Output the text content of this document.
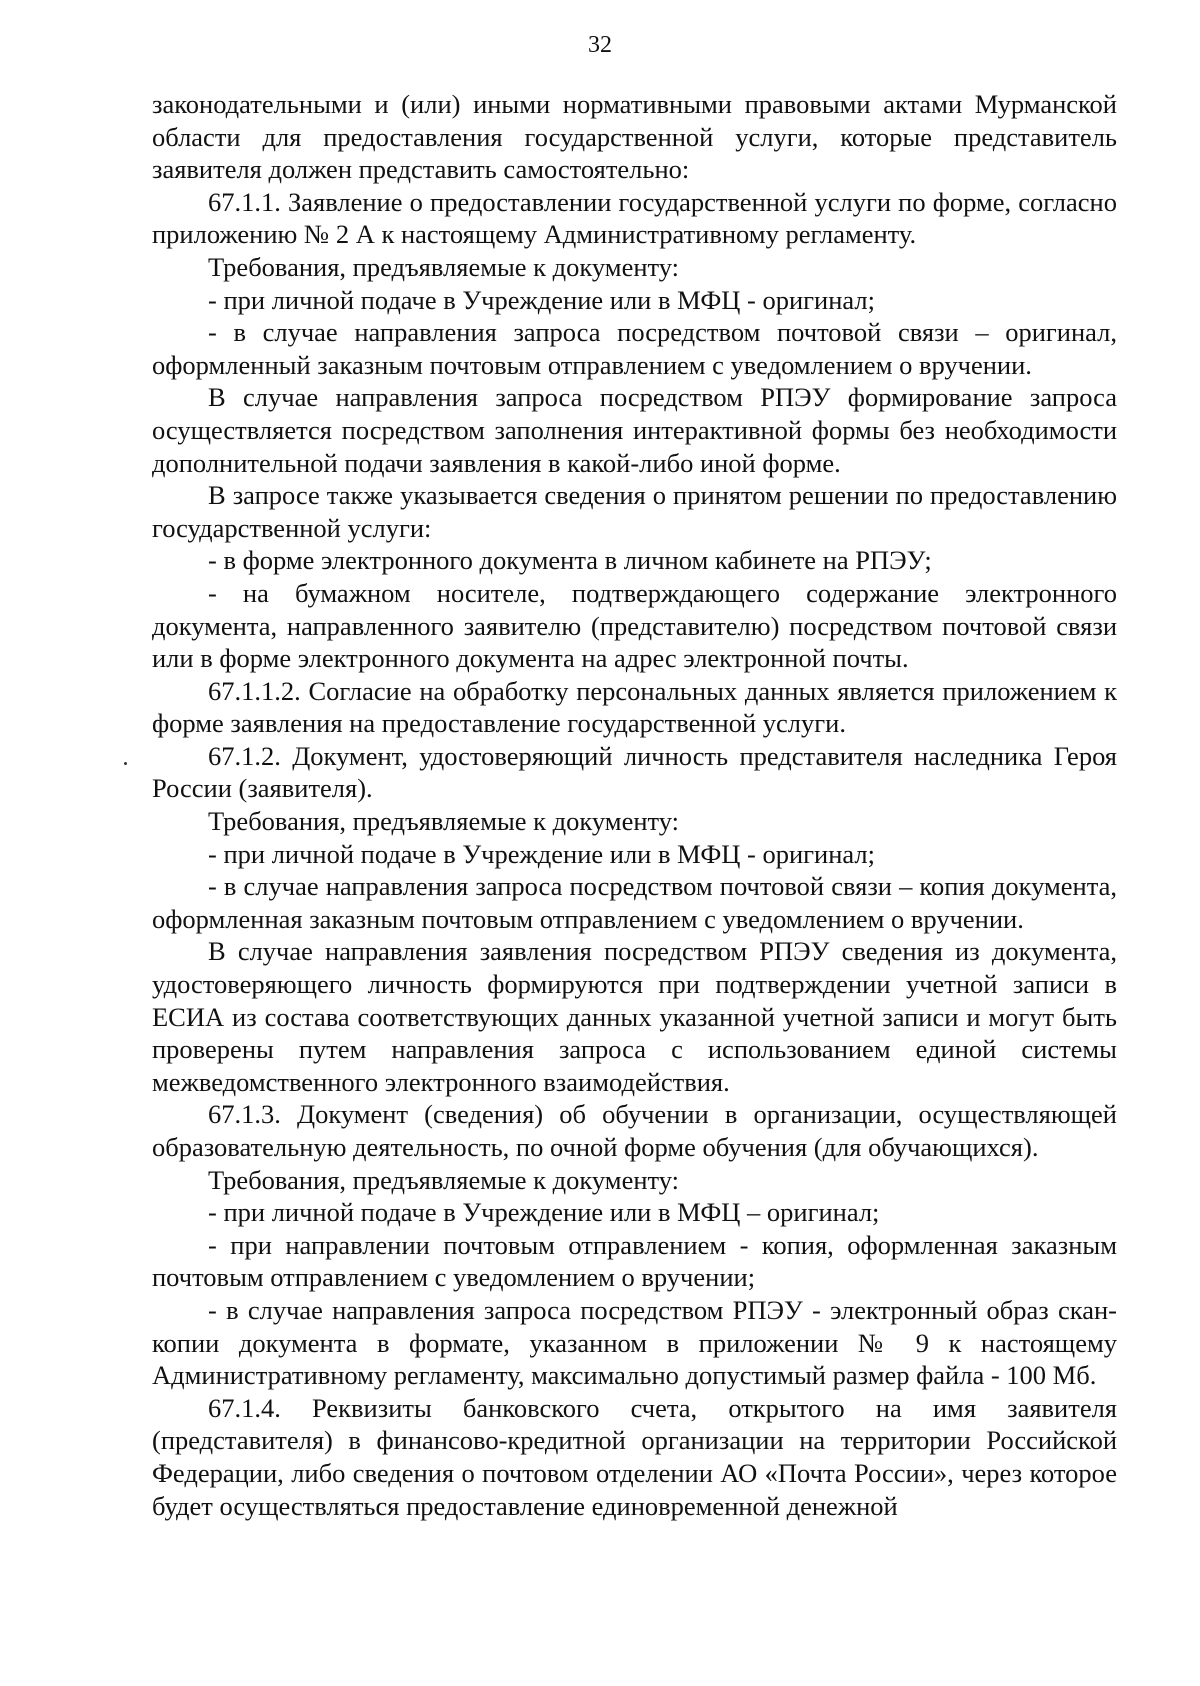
32

законодательными и (или) иными нормативными правовыми актами Мурманской области для предоставления государственной услуги, которые представитель заявителя должен представить самостоятельно:

67.1.1. Заявление о предоставлении государственной услуги по форме, согласно приложению № 2 А к настоящему Административному регламенту.

Требования, предъявляемые к документу:

- при личной подаче в Учреждение или в МФЦ - оригинал;

- в случае направления запроса посредством почтовой связи – оригинал, оформленный заказным почтовым отправлением с уведомлением о вручении.

В случае направления запроса посредством РПЭУ формирование запроса осуществляется посредством заполнения интерактивной формы без необходимости дополнительной подачи заявления в какой-либо иной форме.

В запросе также указывается сведения о принятом решении по предоставлению государственной услуги:

- в форме электронного документа в личном кабинете на РПЭУ;

- на бумажном носителе, подтверждающего содержание электронного документа, направленного заявителю (представителю) посредством почтовой связи или в форме электронного документа на адрес электронной почты.

67.1.1.2. Согласие на обработку персональных данных является приложением к форме заявления на предоставление государственной услуги.

67.1.2. Документ, удостоверяющий личность представителя наследника Героя России (заявителя).

Требования, предъявляемые к документу:

- при личной подаче в Учреждение или в МФЦ - оригинал;

- в случае направления запроса посредством почтовой связи – копия документа, оформленная заказным почтовым отправлением с уведомлением о вручении.

В случае направления заявления посредством РПЭУ сведения из документа, удостоверяющего личность формируются при подтверждении учетной записи в ЕСИА из состава соответствующих данных указанной учетной записи и могут быть проверены путем направления запроса с использованием единой системы межведомственного электронного взаимодействия.

67.1.3. Документ (сведения) об обучении в организации, осуществляющей образовательную деятельность, по очной форме обучения (для обучающихся).

Требования, предъявляемые к документу:

- при личной подаче в Учреждение или в МФЦ – оригинал;

- при направлении почтовым отправлением - копия, оформленная заказным почтовым отправлением с уведомлением о вручении;

- в случае направления запроса посредством РПЭУ - электронный образ скан-копии документа в формате, указанном в приложении № 9 к настоящему Административному регламенту, максимально допустимый размер файла - 100 Мб.

67.1.4. Реквизиты банковского счета, открытого на имя заявителя (представителя) в финансово-кредитной организации на территории Российской Федерации, либо сведения о почтовом отделении АО «Почта России», через которое будет осуществляться предоставление единовременной денежной
